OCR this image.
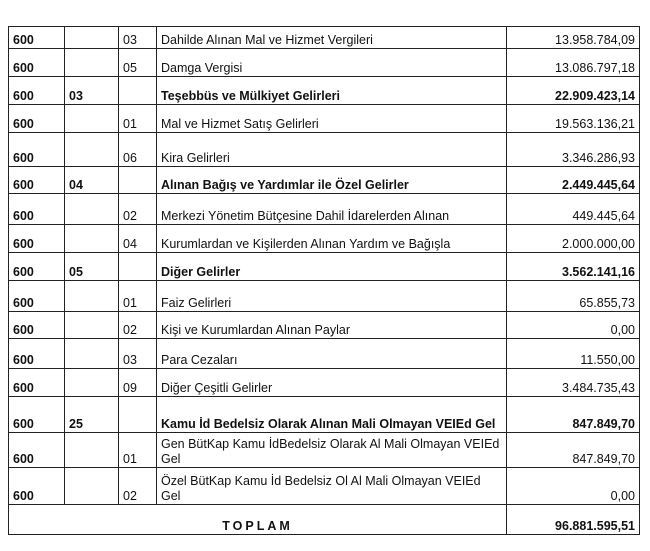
600		03	Dahilde Alınan Mal ve Hizmet Vergileri	13.958.784,09
600		05	Damga Vergisi	13.086.797,18
600	03		Teşebbüs ve Mülkiyet Gelirleri	22.909.423,14
600		01	Mal ve Hizmet Satış Gelirleri	19.563.136,21
600		06	Kira Gelirleri	3.346.286,93
600	04		Alınan Bağış ve Yardımlar ile Özel Gelirler	2.449.445,64
600		02	Merkezi Yönetim Bütçesine Dahil İdarelerden Alınan	449.445,64
600		04	Kurumlardan ve Kişilerden Alınan Yardım ve Bağışla	2.000.000,00
600	05		Diğer Gelirler	3.562.141,16
600		01	Faiz Gelirleri	65.855,73
600		02	Kişi ve Kurumlardan Alınan Paylar	0,00
600		03	Para Cezaları	11.550,00
600		09	Diğer Çeşitli Gelirler	3.484.735,43
600	25		Kamu İd Bedelsiz Olarak Alınan Mali Olmayan VEIEd Gel	847.849,70
600		01	Gen BütKap Kamu İdBedelsiz Olarak Al Mali Olmayan VEIEd Gel	847.849,70
600		02	Özel BütKap Kamu İd Bedelsiz Ol Al Mali Olmayan VEIEd Gel	0,00
TOPLAM				96.881.595,51
